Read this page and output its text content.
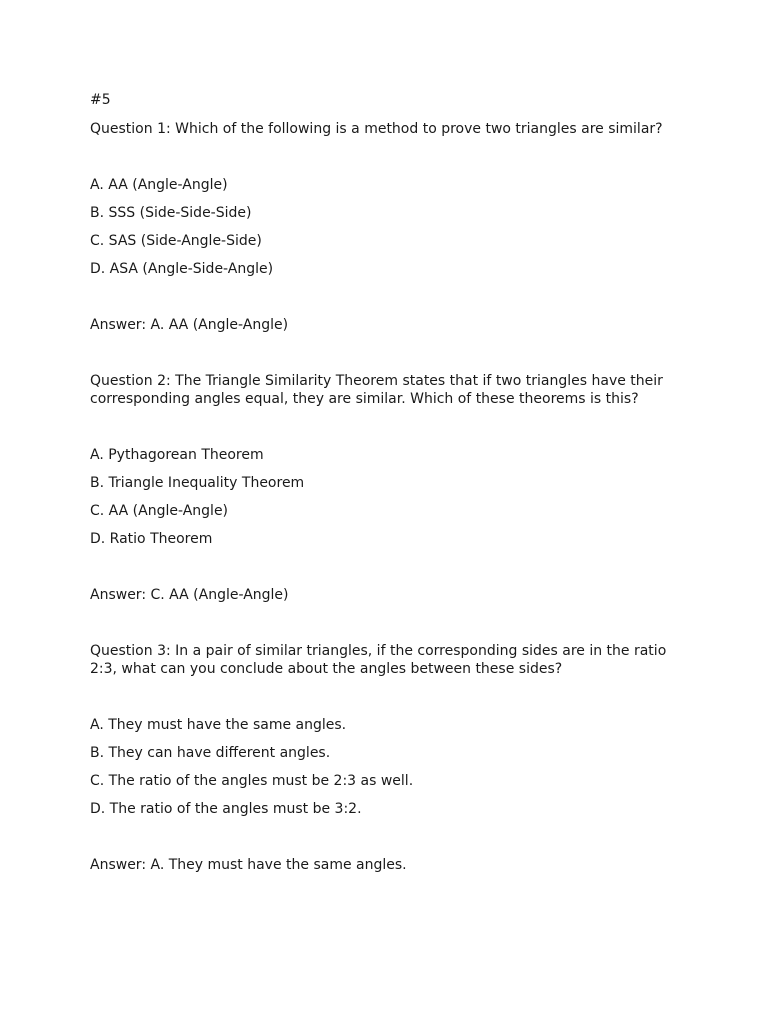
#5
Question 1: Which of the following is a method to prove two triangles are similar?
A. AA (Angle-Angle)
B. SSS (Side-Side-Side)
C. SAS (Side-Angle-Side)
D. ASA (Angle-Side-Angle)
Answer: A. AA (Angle-Angle)
Question 2: The Triangle Similarity Theorem states that if two triangles have their corresponding angles equal, they are similar. Which of these theorems is this?
A. Pythagorean Theorem
B. Triangle Inequality Theorem
C. AA (Angle-Angle)
D. Ratio Theorem
Answer: C. AA (Angle-Angle)
Question 3: In a pair of similar triangles, if the corresponding sides are in the ratio 2:3, what can you conclude about the angles between these sides?
A. They must have the same angles.
B. They can have different angles.
C. The ratio of the angles must be 2:3 as well.
D. The ratio of the angles must be 3:2.
Answer: A. They must have the same angles.
